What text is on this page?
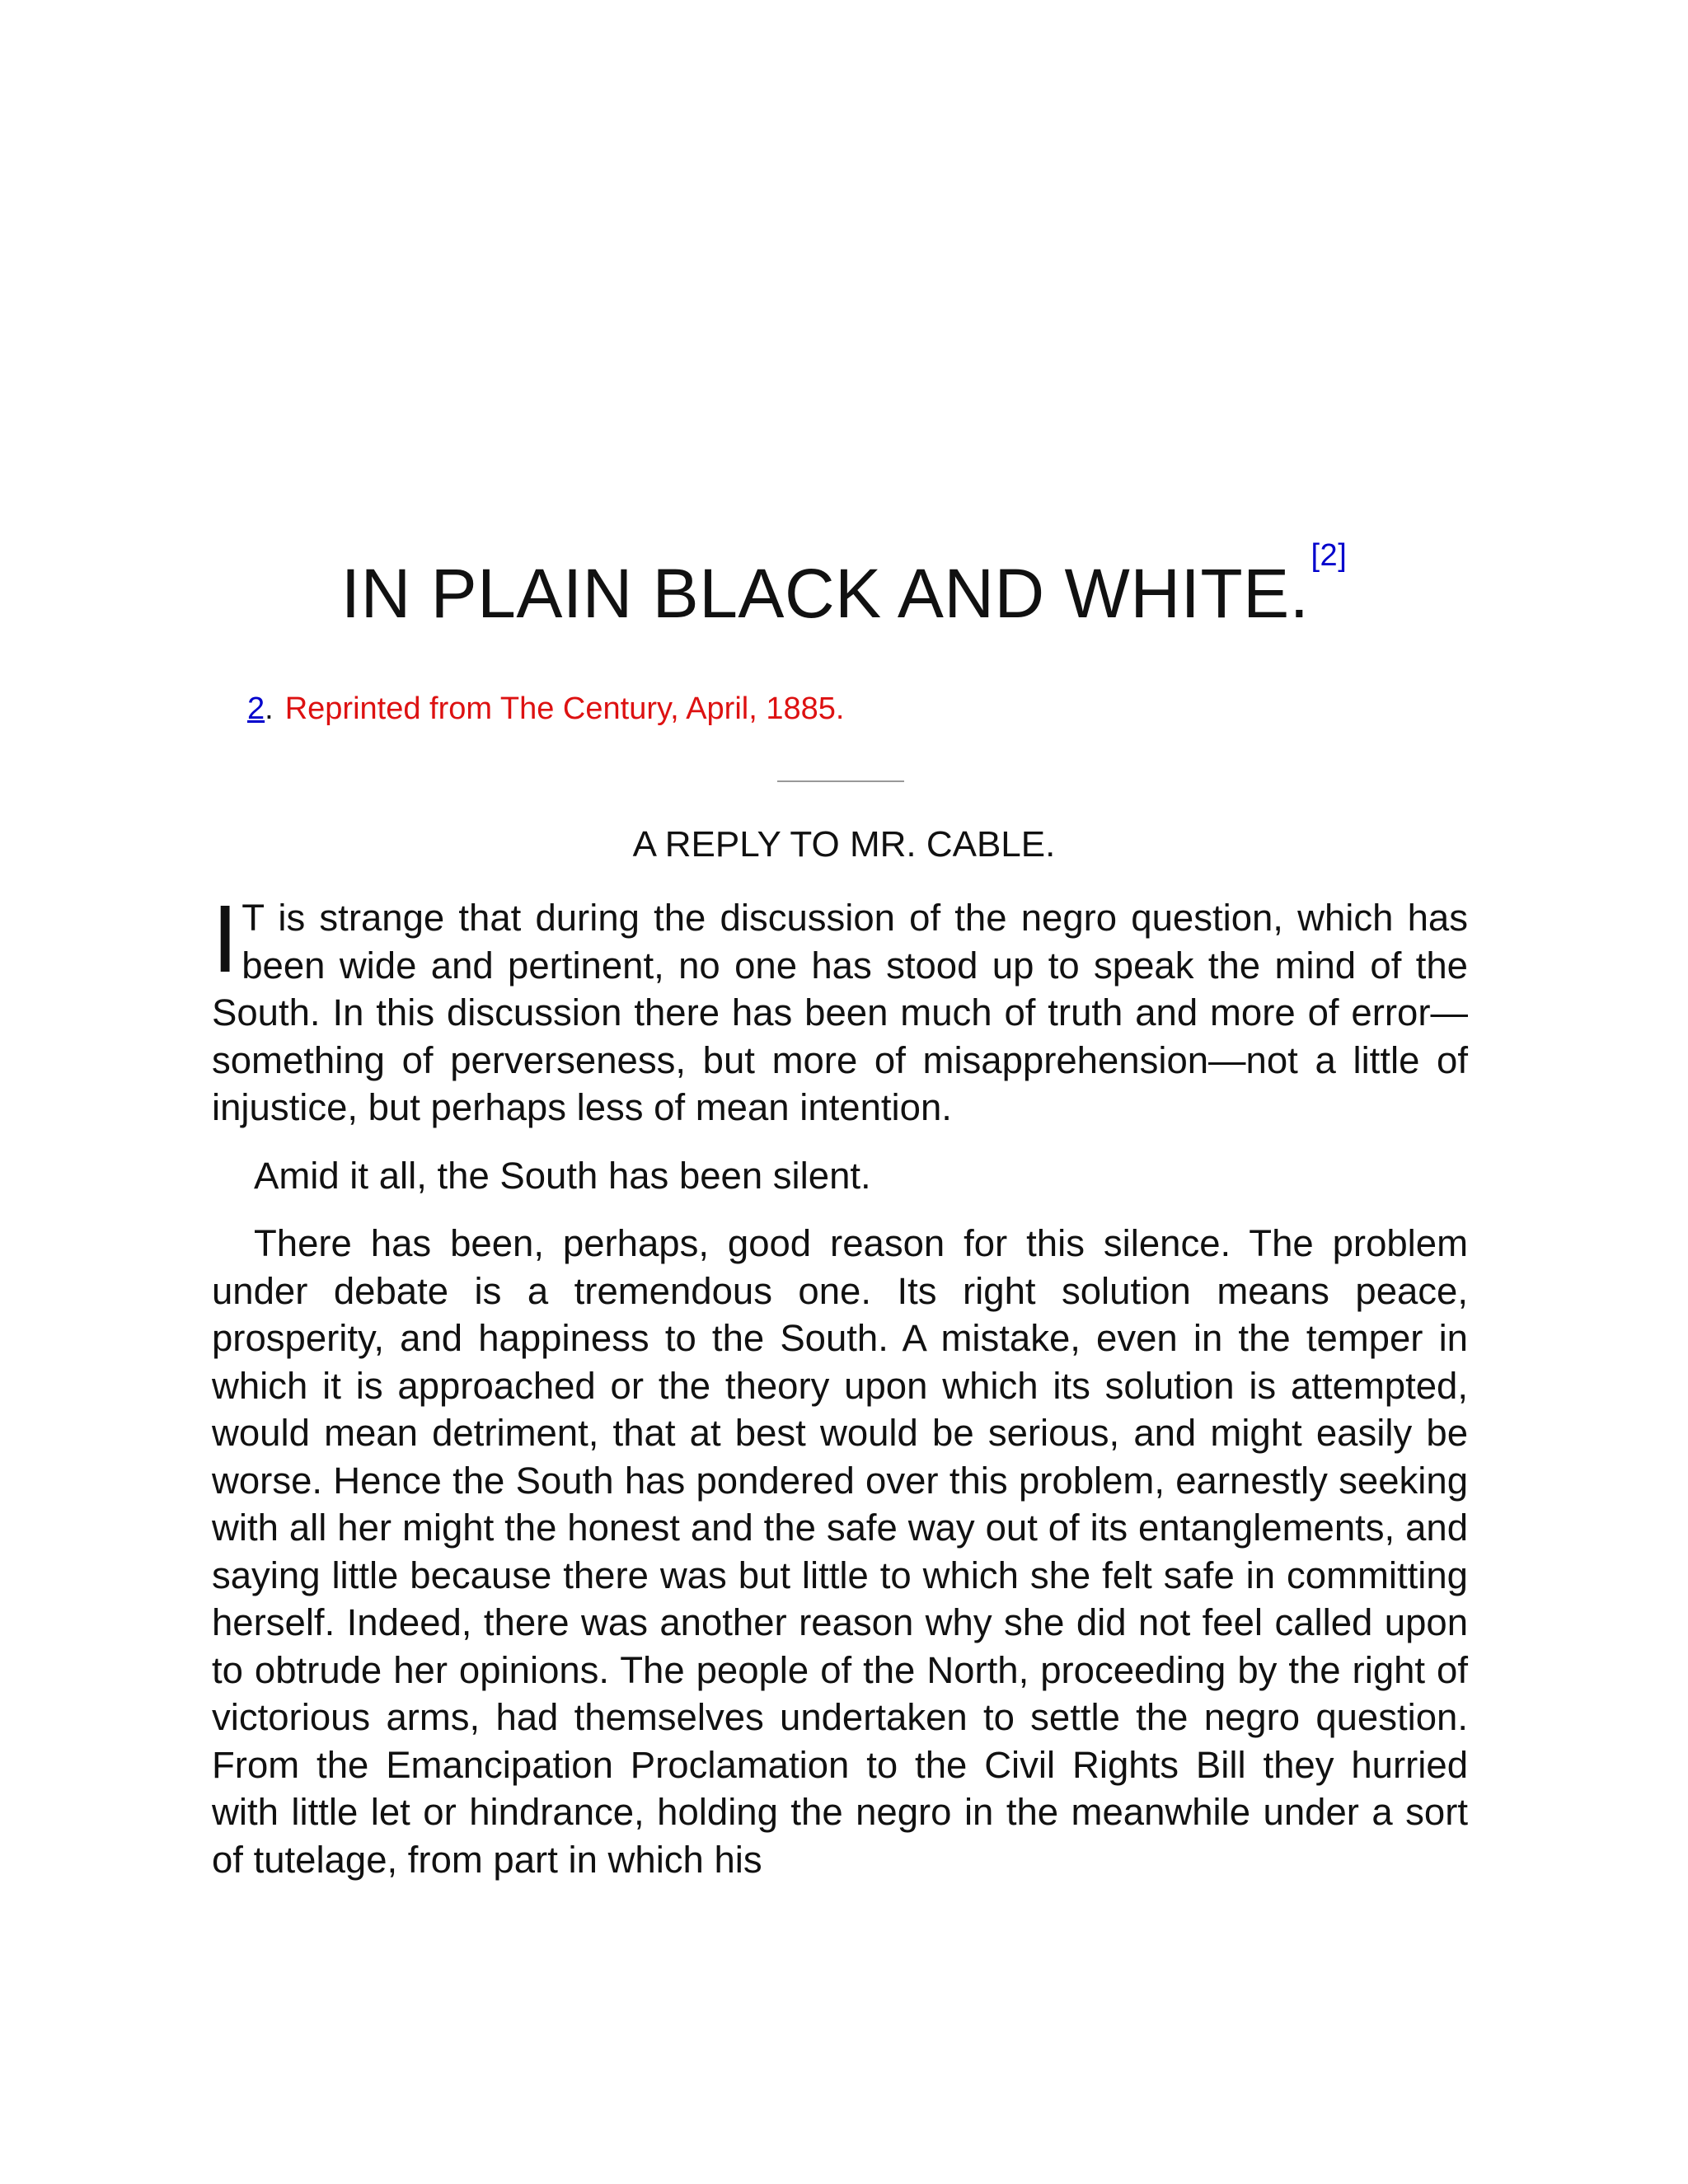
IN PLAIN BLACK AND WHITE.[2]
2. Reprinted from The Century, April, 1885.
A REPLY TO MR. CABLE.

I T is strange that during the discussion of the negro question, which has been wide and pertinent, no one has stood up to speak the mind of the South. In this discussion there has been much of truth and more of error—something of perverseness, but more of misapprehension—not a little of injustice, but perhaps less of mean intention.

Amid it all, the South has been silent.

There has been, perhaps, good reason for this silence. The problem under debate is a tremendous one. Its right solution means peace, prosperity, and happiness to the South. A mistake, even in the temper in which it is approached or the theory upon which its solution is attempted, would mean detriment, that at best would be serious, and might easily be worse. Hence the South has pondered over this problem, earnestly seeking with all her might the honest and the safe way out of its entanglements, and saying little because there was but little to which she felt safe in committing herself. Indeed, there was another reason why she did not feel called upon to obtrude her opinions. The people of the North, proceeding by the right of victorious arms, had themselves undertaken to settle the negro question. From the Emancipation Proclamation to the Civil Rights Bill they hurried with little let or hindrance, holding the negro in the meanwhile under a sort of tutelage, from part in which his
